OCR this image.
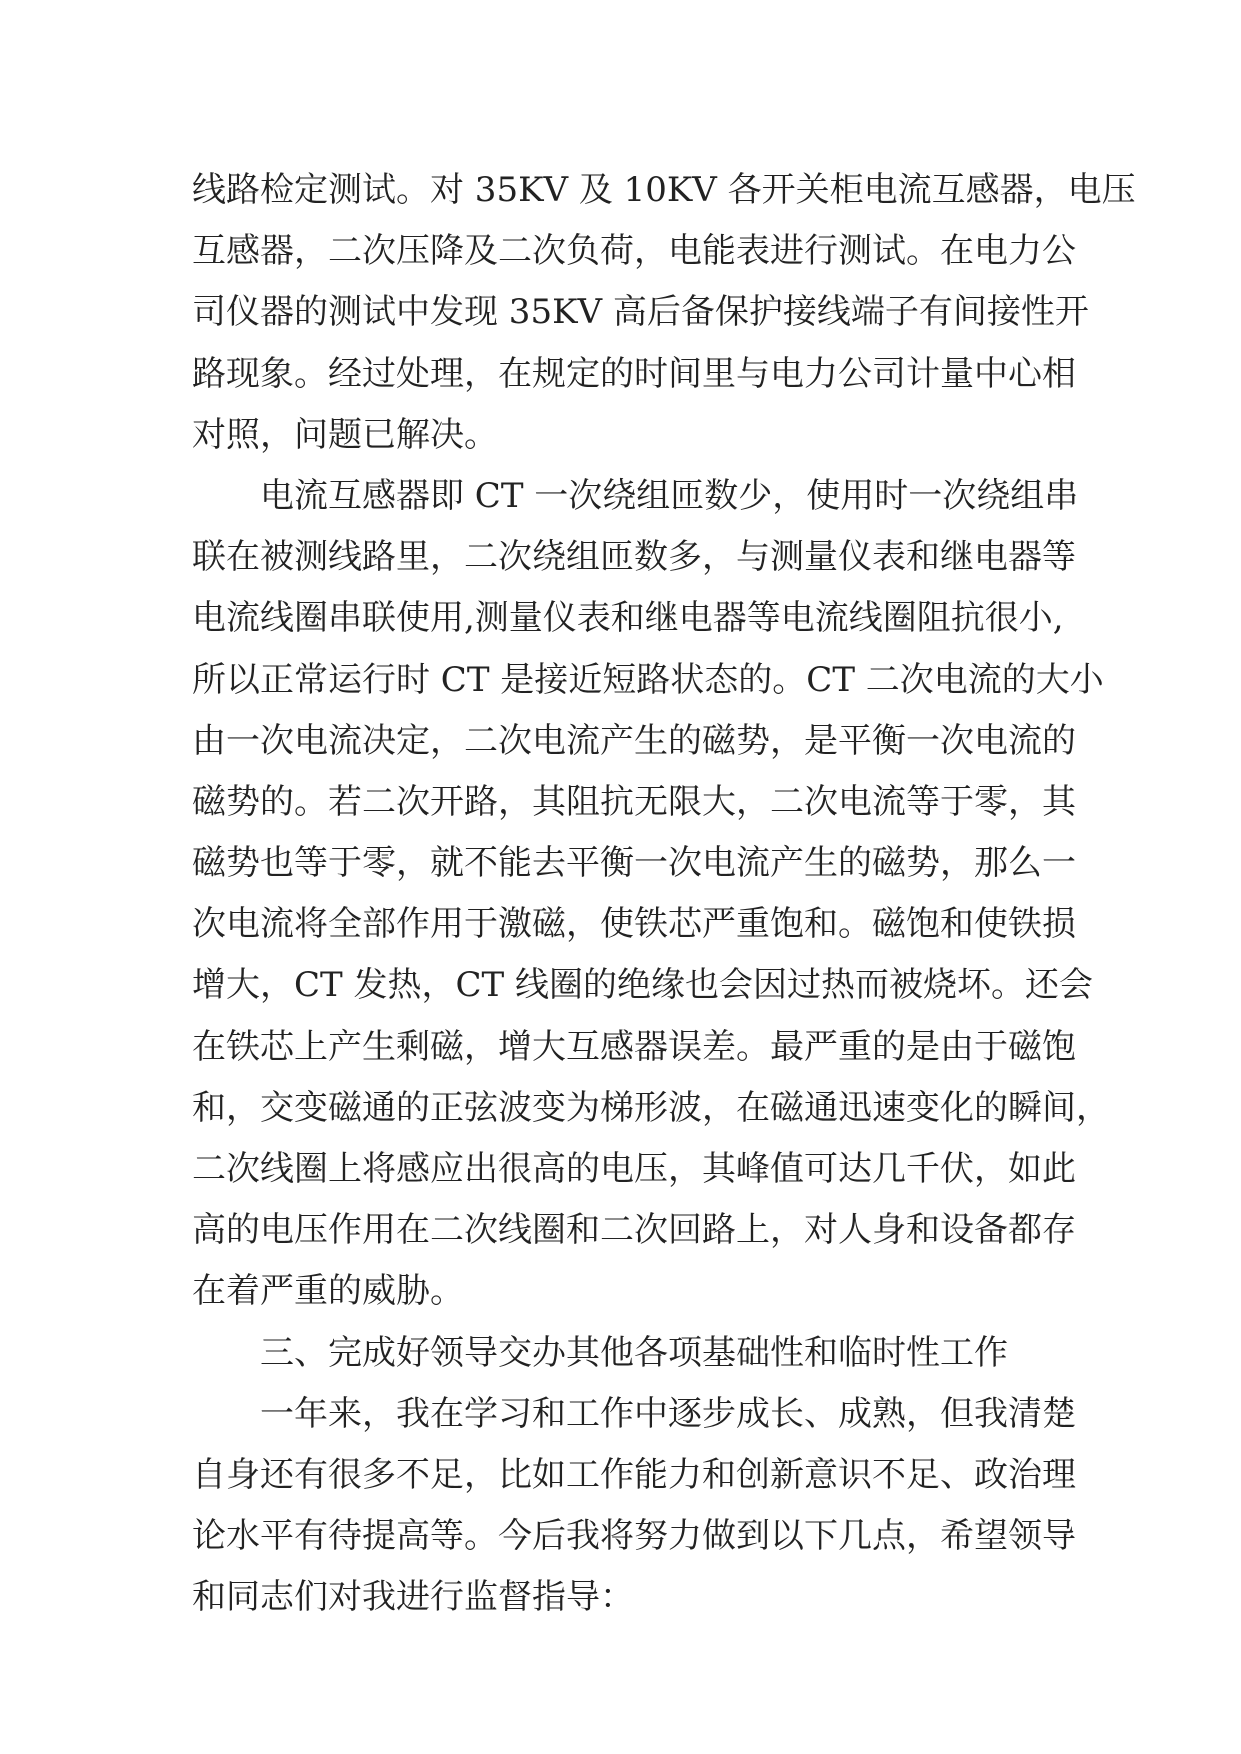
线路检定测试。对 35KV 及 10KV 各开关柜电流互感器，电压
互感器，二次压降及二次负荷，电能表进行测试。在电力公
司仪器的测试中发现 35KV 高后备保护接线端子有间接性开
路现象。经过处理，在规定的时间里与电力公司计量中心相
对照，问题已解决。
电流互感器即 CT 一次绕组匝数少，使用时一次绕组串
联在被测线路里，二次绕组匝数多，与测量仪表和继电器等
电流线圈串联使用,测量仪表和继电器等电流线圈阻抗很小,
所以正常运行时 CT 是接近短路状态的。CT 二次电流的大小
由一次电流决定，二次电流产生的磁势，是平衡一次电流的
磁势的。若二次开路，其阻抗无限大，二次电流等于零，其
磁势也等于零，就不能去平衡一次电流产生的磁势，那么一
次电流将全部作用于激磁，使铁芯严重饱和。磁饱和使铁损
增大，CT 发热，CT 线圈的绝缘也会因过热而被烧坏。还会
在铁芯上产生剩磁，增大互感器误差。最严重的是由于磁饱
和，交变磁通的正弦波变为梯形波，在磁通迅速变化的瞬间，
二次线圈上将感应出很高的电压，其峰值可达几千伏，如此
高的电压作用在二次线圈和二次回路上，对人身和设备都存
在着严重的威胁。
三、完成好领导交办其他各项基础性和临时性工作
一年来，我在学习和工作中逐步成长、成熟，但我清楚
自身还有很多不足，比如工作能力和创新意识不足、政治理
论水平有待提高等。今后我将努力做到以下几点，希望领导
和同志们对我进行监督指导：
